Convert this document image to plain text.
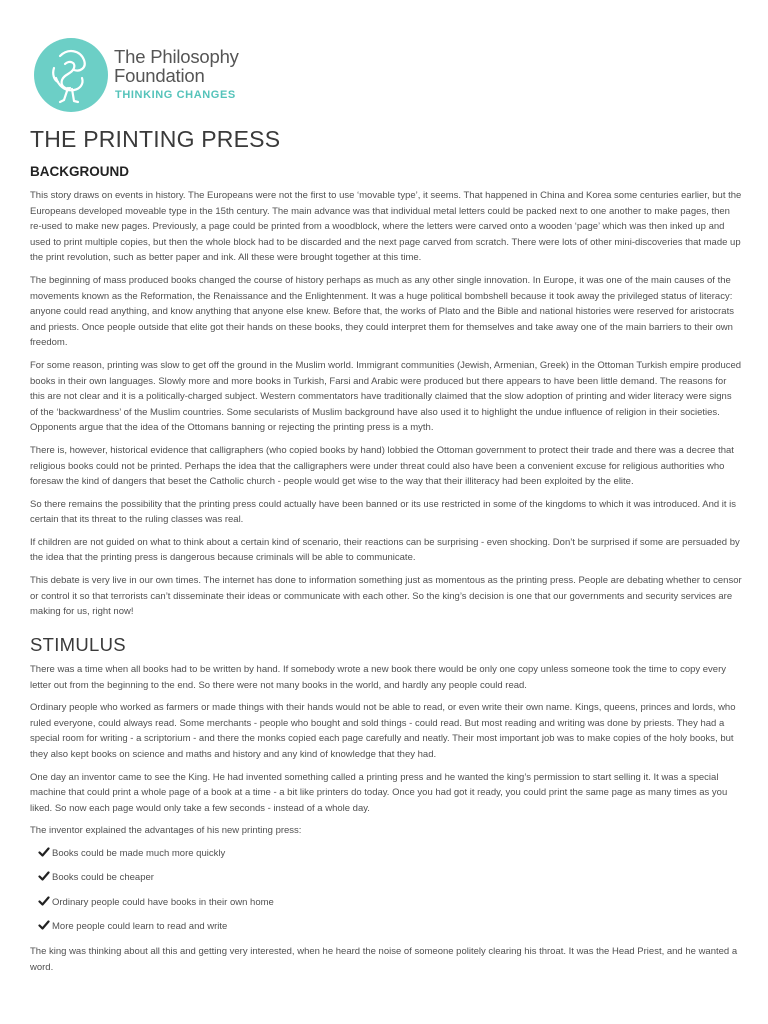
The Philosophy
Foundation
THINKING CHANGES
THE PRINTING PRESS
BACKGROUND

This story draws on events in history. The Europeans were not the first to use ‘movable type’, it seems. That happened in China and Korea some centuries earlier, but the Europeans developed moveable type in the 15th century. The main advance was that individual metal letters could be packed next to one another to make pages, then re-used to make new pages. Previously, a page could be printed from a woodblock, where the letters were carved onto a wooden ‘page’ which was then inked up and used to print multiple copies, but then the whole block had to be discarded and the next page carved from scratch. There were lots of other mini-discoveries that made up the print revolution, such as better paper and ink. All these were brought together at this time.

The beginning of mass produced books changed the course of history perhaps as much as any other single innovation. In Europe, it was one of the main causes of the movements known as the Reformation, the Renaissance and the Enlightenment. It was a huge political bombshell because it took away the privileged status of literacy: anyone could read anything, and know anything that anyone else knew. Before that, the works of Plato and the Bible and national histories were reserved for aristocrats and priests. Once people outside that elite got their hands on these books, they could interpret them for themselves and take away one of the main barriers to their own freedom.

For some reason, printing was slow to get off the ground in the Muslim world. Immigrant communities (Jewish, Armenian, Greek) in the Ottoman Turkish empire produced books in their own languages. Slowly more and more books in Turkish, Farsi and Arabic were produced but there appears to have been little demand. The reasons for this are not clear and it is a politically-charged subject. Western commentators have traditionally claimed that the slow adoption of printing and wider literacy were signs of the ‘backwardness’ of the Muslim countries. Some secularists of Muslim background have also used it to highlight the undue influence of religion in their societies. Opponents argue that the idea of the Ottomans banning or rejecting the printing press is a myth.

There is, however, historical evidence that calligraphers (who copied books by hand) lobbied the Ottoman government to protect their trade and there was a decree that religious books could not be printed. Perhaps the idea that the calligraphers were under threat could also have been a convenient excuse for religious authorities who foresaw the kind of dangers that beset the Catholic church - people would get wise to the way that their illiteracy had been exploited by the elite.

So there remains the possibility that the printing press could actually have been banned or its use restricted in some of the kingdoms to which it was introduced. And it is certain that its threat to the ruling classes was real.

If children are not guided on what to think about a certain kind of scenario, their reactions can be surprising - even shocking. Don’t be surprised if some are persuaded by the idea that the printing press is dangerous because criminals will be able to communicate.

This debate is very live in our own times. The internet has done to information something just as momentous as the printing press. People are debating whether to censor or control it so that terrorists can’t disseminate their ideas or communicate with each other. So the king’s decision is one that our governments and security services are making for us, right now!

STIMULUS

There was a time when all books had to be written by hand. If somebody wrote a new book there would be only one copy unless someone took the time to copy every letter out from the beginning to the end. So there were not many books in the world, and hardly any people could read.

Ordinary people who worked as farmers or made things with their hands would not be able to read, or even write their own name. Kings, queens, princes and lords, who ruled everyone, could always read. Some merchants - people who bought and sold things - could read. But most reading and writing was done by priests. They had a special room for writing - a scriptorium - and there the monks copied each page carefully and neatly. Their most important job was to make copies of the holy books, but they also kept books on science and maths and history and any kind of knowledge that they had.

One day an inventor came to see the King. He had invented something called a printing press and he wanted the king’s permission to start selling it. It was a special machine that could print a whole page of a book at a time - a bit like printers do today. Once you had got it ready, you could print the same page as many times as you liked. So now each page would only take a few seconds - instead of a whole day.

The inventor explained the advantages of his new printing press:

Books could be made much more quickly
Books could be cheaper
Ordinary people could have books in their own home
More people could learn to read and write

The king was thinking about all this and getting very interested, when he heard the noise of someone politely clearing his throat. It was the Head Priest, and he wanted a word.
